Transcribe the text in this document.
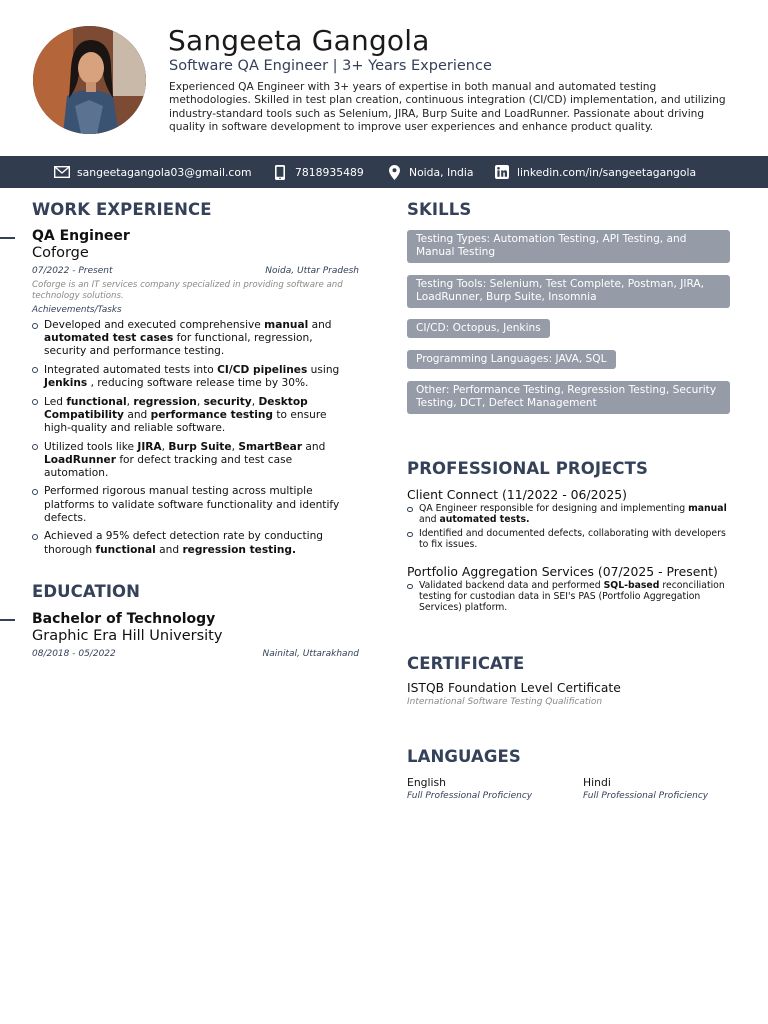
Sangeeta Gangola
Software QA Engineer | 3+ Years Experience
Experienced QA Engineer with 3+ years of expertise in both manual and automated testing methodologies. Skilled in test plan creation, continuous integration (CI/CD) implementation, and utilizing industry-standard tools such as Selenium, JIRA, Burp Suite and LoadRunner. Passionate about driving quality in software development to improve user experiences and enhance product quality.
sangeetagangola03@gmail.com	7818935489	Noida, India	linkedin.com/in/sangeetagangola
WORK EXPERIENCE
QA Engineer
Coforge
07/2022 - Present	Noida, Uttar Pradesh
Coforge is an IT services company specialized in providing software and technology solutions.
Achievements/Tasks
Developed and executed comprehensive manual and automated test cases for functional, regression, security and performance testing.
Integrated automated tests into CI/CD pipelines using Jenkins , reducing software release time by 30%.
Led functional, regression, security, Desktop Compatibility and performance testing to ensure high-quality and reliable software.
Utilized tools like JIRA, Burp Suite, SmartBear and LoadRunner for defect tracking and test case automation.
Performed rigorous manual testing across multiple platforms to validate software functionality and identify defects.
Achieved a 95% defect detection rate by conducting thorough functional and regression testing.
EDUCATION
Bachelor of Technology
Graphic Era Hill University
08/2018 - 05/2022	Nainital, Uttarakhand
SKILLS
Testing Types: Automation Testing, API Testing, and Manual Testing
Testing Tools: Selenium, Test Complete, Postman, JIRA, LoadRunner, Burp Suite, Insomnia
CI/CD: Octopus, Jenkins
Programming Languages: JAVA, SQL
Other: Performance Testing, Regression Testing, Security Testing, DCT, Defect Management
PROFESSIONAL PROJECTS
Client Connect (11/2022 - 06/2025)
QA Engineer responsible for designing and implementing manual and automated tests.
Identified and documented defects, collaborating with developers to fix issues.
Portfolio Aggregation Services (07/2025 - Present)
Validated backend data and performed SQL-based reconciliation testing for custodian data in SEI's PAS (Portfolio Aggregation Services) platform.
CERTIFICATE
ISTQB Foundation Level Certificate
International Software Testing Qualification
LANGUAGES
English
Full Professional Proficiency
Hindi
Full Professional Proficiency
